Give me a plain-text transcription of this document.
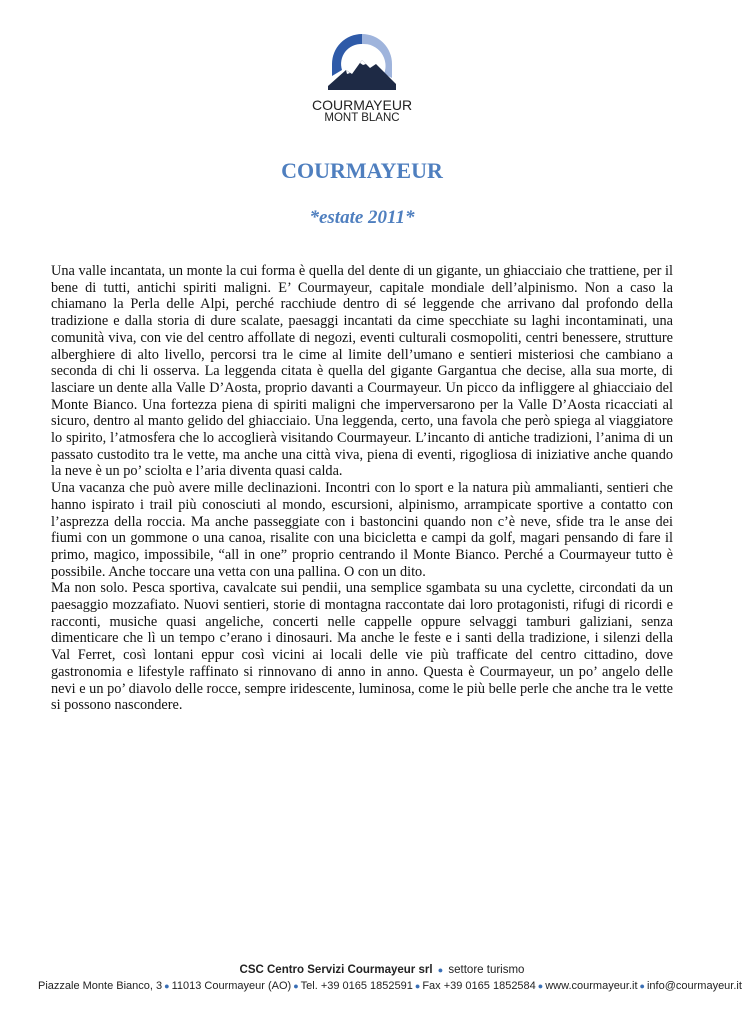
COURMAYEUR
MONT BLANC
COURMAYEUR
*estate 2011*

Una valle incantata, un monte la cui forma è quella del dente di un gigante, un ghiacciaio che trattiene, per il bene di tutti, antichi spiriti maligni. E’ Courmayeur, capitale mondiale dell’alpinismo. Non a caso la chiamano la Perla delle Alpi, perché racchiude dentro di sé leggende che arrivano dal profondo della tradizione e dalla storia di dure scalate, paesaggi incantati da cime specchiate su laghi incontaminati, una comunità viva, con vie del centro affollate di negozi, eventi culturali cosmopoliti, centri benessere, strutture alberghiere di alto livello, percorsi tra le cime al limite dell’umano e sentieri misteriosi che cambiano a seconda di chi li osserva. La leggenda citata è quella del gigante Gargantua che decise, alla sua morte, di lasciare un dente alla Valle D’Aosta, proprio davanti a Courmayeur. Un picco da infliggere al ghiacciaio del Monte Bianco. Una fortezza piena di spiriti maligni che imperversarono per la Valle D’Aosta ricacciati al sicuro, dentro al manto gelido del ghiacciaio. Una leggenda, certo, una favola che però spiega al viaggiatore lo spirito, l’atmosfera che lo accoglierà visitando Courmayeur. L’incanto di antiche tradizioni, l’anima di un passato custodito tra le vette, ma anche una città viva, piena di eventi, rigogliosa di iniziative anche quando la neve è un po’ sciolta e l’aria diventa quasi calda.

Una vacanza che può avere mille declinazioni. Incontri con lo sport e la natura più ammalianti, sentieri che hanno ispirato i trail più conosciuti al mondo, escursioni, alpinismo, arrampicate sportive a contatto con l’asprezza della roccia. Ma anche passeggiate con i bastoncini quando non c’è neve, sfide tra le anse dei fiumi con un gommone o una canoa, risalite con una bicicletta e campi da golf, magari pensando di fare il primo, magico, impossibile, “all in one” proprio centrando il Monte Bianco. Perché a Courmayeur tutto è possibile. Anche toccare una vetta con una pallina. O con un dito.

Ma non solo. Pesca sportiva, cavalcate sui pendii, una semplice sgambata su una cyclette, circondati da un paesaggio mozzafiato. Nuovi sentieri, storie di montagna raccontate dai loro protagonisti, rifugi di ricordi e racconti, musiche quasi angeliche, concerti nelle cappelle oppure selvaggi tamburi galiziani, senza dimenticare che lì un tempo c’erano i dinosauri. Ma anche le feste e i santi della tradizione, i silenzi della Val Ferret, così lontani eppur così vicini ai locali delle vie più trafficate del centro cittadino, dove gastronomia e lifestyle raffinato si rinnovano di anno in anno. Questa è Courmayeur, un po’ angelo delle nevi e un po’ diavolo delle rocce, sempre iridescente, luminosa, come le più belle perle che anche tra le vette si possono nascondere.

CSC Centro Servizi Courmayeur srl ● settore turismo
Piazzale Monte Bianco, 3 ● 11013 Courmayeur (AO) ● Tel. +39 0165 1852591 ● Fax +39 0165 1852584 ● www.courmayeur.it ● info@courmayeur.it
